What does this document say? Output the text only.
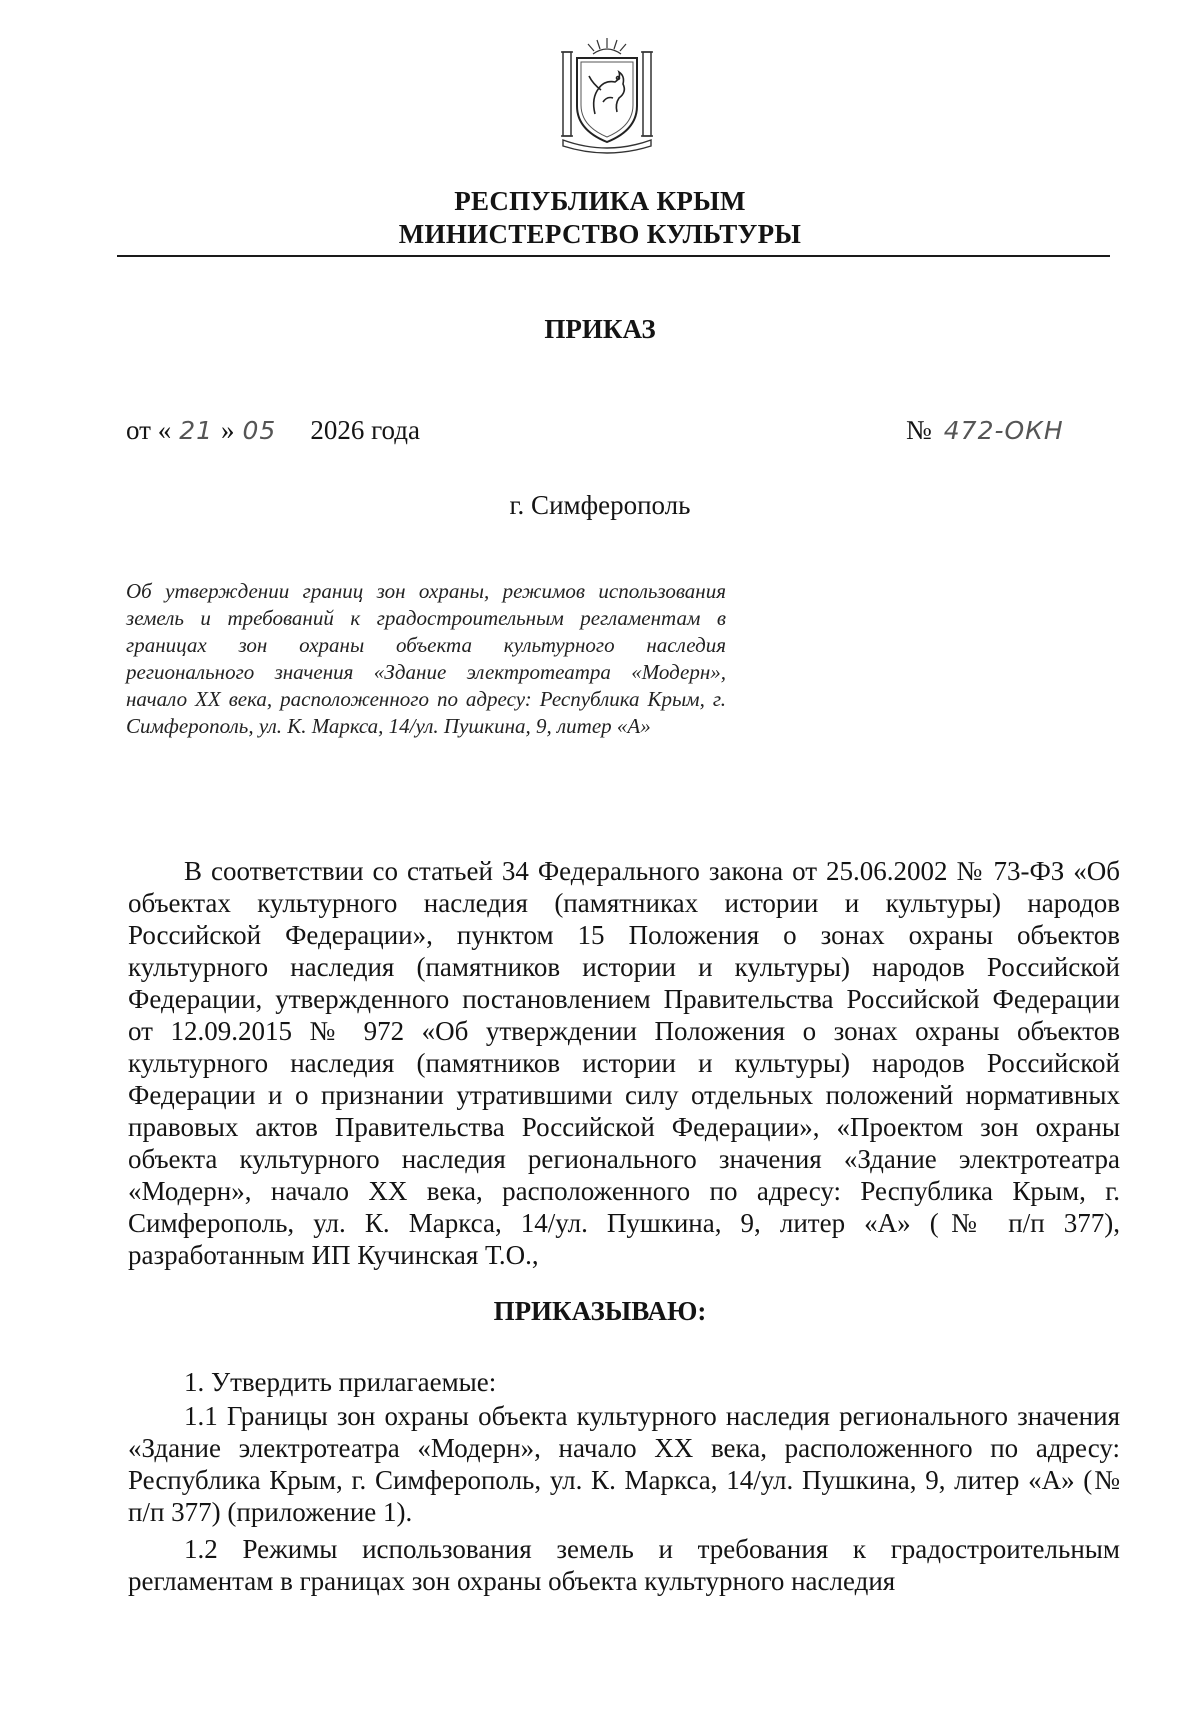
РЕСПУБЛИКА КРЫМ
МИНИСТЕРСТВО КУЛЬТУРЫ
ПРИКАЗ
от « 21 » 05 2026 года	№ 472-ОКН
г. Симферополь
Об утверждении границ зон охраны, режимов использования земель и требований к градостроительным регламентам в границах зон охраны объекта культурного наследия регионального значения «Здание электротеатра «Модерн», начало XX века, расположенного по адресу: Республика Крым, г. Симферополь, ул. К. Маркса, 14/ул. Пушкина, 9, литер «А»
В соответствии со статьей 34 Федерального закона от 25.06.2002 № 73-ФЗ «Об объектах культурного наследия (памятниках истории и культуры) народов Российской Федерации», пунктом 15 Положения о зонах охраны объектов культурного наследия (памятников истории и культуры) народов Российской Федерации, утвержденного постановлением Правительства Российской Федерации от 12.09.2015 № 972 «Об утверждении Положения о зонах охраны объектов культурного наследия (памятников истории и культуры) народов Российской Федерации и о признании утратившими силу отдельных положений нормативных правовых актов Правительства Российской Федерации», «Проектом зон охраны объекта культурного наследия регионального значения «Здание электротеатра «Модерн», начало XX века, расположенного по адресу: Республика Крым, г. Симферополь, ул. К. Маркса, 14/ул. Пушкина, 9, литер «А» (№ п/п 377), разработанным ИП Кучинская Т.О.,
ПРИКАЗЫВАЮ:
1. Утвердить прилагаемые:
1.1 Границы зон охраны объекта культурного наследия регионального значения «Здание электротеатра «Модерн», начало XX века, расположенного по адресу: Республика Крым, г. Симферополь, ул. К. Маркса, 14/ул. Пушкина, 9, литер «А» (№ п/п 377) (приложение 1).
1.2 Режимы использования земель и требования к градостроительным регламентам в границах зон охраны объекта культурного наследия
